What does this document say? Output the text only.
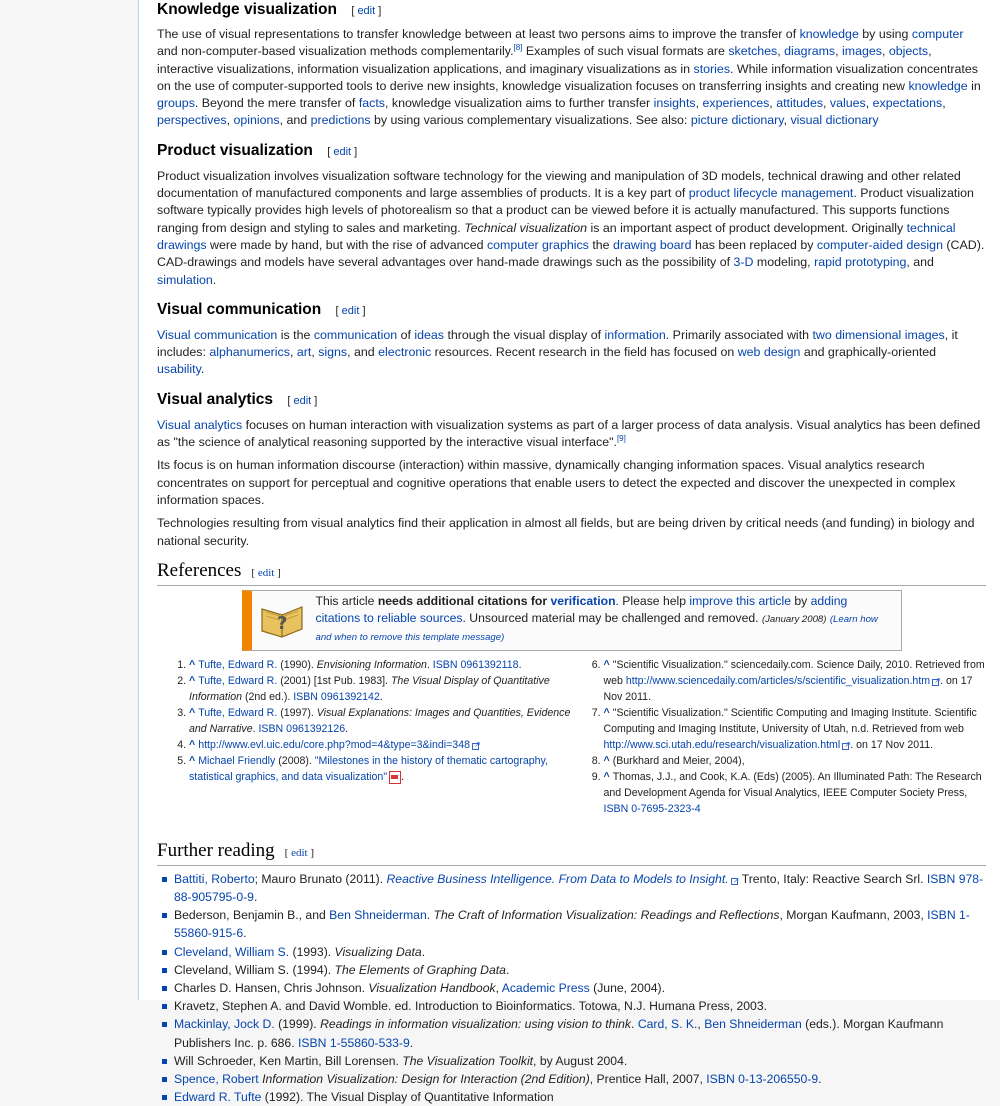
Knowledge visualization [ edit ]

The use of visual representations to transfer knowledge between at least two persons aims to improve the transfer of knowledge by using computer and non-computer-based visualization methods complementarily.[8] Examples of such visual formats are sketches, diagrams, images, objects, interactive visualizations, information visualization applications, and imaginary visualizations as in stories. While information visualization concentrates on the use of computer-supported tools to derive new insights, knowledge visualization focuses on transferring insights and creating new knowledge in groups. Beyond the mere transfer of facts, knowledge visualization aims to further transfer insights, experiences, attitudes, values, expectations, perspectives, opinions, and predictions by using various complementary visualizations. See also: picture dictionary, visual dictionary

Product visualization [ edit ]

Product visualization involves visualization software technology for the viewing and manipulation of 3D models, technical drawing and other related documentation of manufactured components and large assemblies of products. It is a key part of product lifecycle management. Product visualization software typically provides high levels of photorealism so that a product can be viewed before it is actually manufactured. This supports functions ranging from design and styling to sales and marketing. Technical visualization is an important aspect of product development. Originally technical drawings were made by hand, but with the rise of advanced computer graphics the drawing board has been replaced by computer-aided design (CAD). CAD-drawings and models have several advantages over hand-made drawings such as the possibility of 3-D modeling, rapid prototyping, and simulation.

Visual communication [ edit ]

Visual communication is the communication of ideas through the visual display of information. Primarily associated with two dimensional images, it includes: alphanumerics, art, signs, and electronic resources. Recent research in the field has focused on web design and graphically-oriented usability.

Visual analytics [ edit ]

Visual analytics focuses on human interaction with visualization systems as part of a larger process of data analysis. Visual analytics has been defined as "the science of analytical reasoning supported by the interactive visual interface".[9]

Its focus is on human information discourse (interaction) within massive, dynamically changing information spaces. Visual analytics research concentrates on support for perceptual and cognitive operations that enable users to detect the expected and discover the unexpected in complex information spaces.

Technologies resulting from visual analytics find their application in almost all fields, but are being driven by critical needs (and funding) in biology and national security.

References [ edit ]
?
This article needs additional citations for verification. Please help improve this article by adding citations to reliable sources. Unsourced material may be challenged and removed. (January 2008) (Learn how and when to remove this template message)
1. ^ Tufte, Edward R. (1990). Envisioning Information. ISBN 0961392118.
2. ^ Tufte, Edward R. (2001) [1st Pub. 1983]. The Visual Display of Quantitative Information (2nd ed.). ISBN 0961392142.
3. ^ Tufte, Edward R. (1997). Visual Explanations: Images and Quantities, Evidence and Narrative. ISBN 0961392126.
4. ^ http://www.evl.uic.edu/core.php?mod=4&type=3&indi=348↗
5. ^ Michael Friendly (2008). "Milestones in the history of thematic cartography, statistical graphics, and data visualization" .
6. ^ "Scientific Visualization." sciencedaily.com. Science Daily, 2010. Retrieved from web http://www.sciencedaily.com/articles/s/scientific_visualization.htm ↗ . on 17 Nov 2011.
7. ^ "Scientific Visualization." Scientific Computing and Imaging Institute. Scientific Computing and Imaging Institute, University of Utah, n.d. Retrieved from web http://www.sci.utah.edu/research/visualization.html ↗ . on 17 Nov 2011.
8. ^ (Burkhard and Meier, 2004),
9. ^ Thomas, J.J., and Cook, K.A. (Eds) (2005). An Illuminated Path: The Research and Development Agenda for Visual Analytics, IEEE Computer Society Press, ISBN 0-7695-2323-4
Further reading [ edit ]
Battiti, Roberto; Mauro Brunato (2011). Reactive Business Intelligence. From Data to Models to Insight.↗ Trento, Italy: Reactive Search Srl. ISBN 978-88-905795-0-9.
Bederson, Benjamin B., and Ben Shneiderman. The Craft of Information Visualization: Readings and Reflections, Morgan Kaufmann, 2003, ISBN 1-55860-915-6.
Cleveland, William S. (1993). Visualizing Data.
Cleveland, William S. (1994). The Elements of Graphing Data.
Charles D. Hansen, Chris Johnson. Visualization Handbook, Academic Press (June, 2004).
Kravetz, Stephen A. and David Womble. ed. Introduction to Bioinformatics. Totowa, N.J. Humana Press, 2003.
Mackinlay, Jock D. (1999). Readings in information visualization: using vision to think. Card, S. K., Ben Shneiderman (eds.). Morgan Kaufmann Publishers Inc. p. 686. ISBN 1-55860-533-9.
Will Schroeder, Ken Martin, Bill Lorensen. The Visualization Toolkit, by August 2004.
Spence, Robert Information Visualization: Design for Interaction (2nd Edition), Prentice Hall, 2007, ISBN 0-13-206550-9.
Edward R. Tufte (1992). The Visual Display of Quantitative Information
